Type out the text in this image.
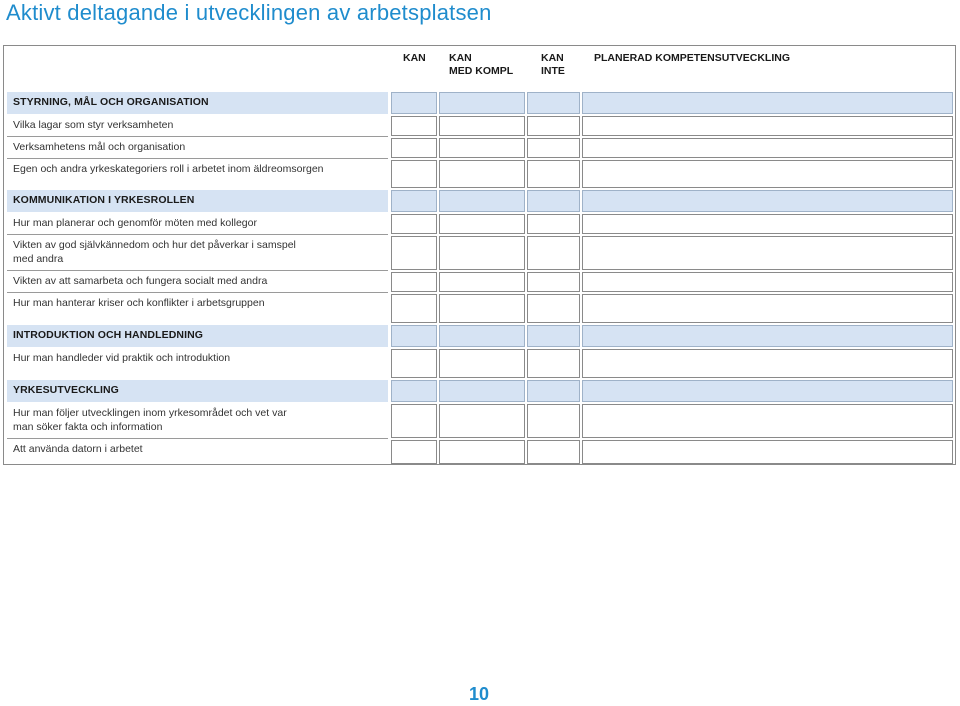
Aktivt deltagande i utvecklingen av arbetsplatsen
KAN KAN
MED KOMPL
KAN
INTE
PLANERAD KOMPETENSUTVECKLING
STYRNING, MÅL OCH ORGANISATION
Vilka lagar som styr verksamheten
Verksamhetens mål och organisation
Egen och andra yrkeskategoriers roll i arbetet inom äldreomsorgen
KOMMUNIKATION I YRKESROLLEN
Hur man planerar och genomför möten med kollegor
Vikten av god självkännedom och hur det påverkar i samspel
med andra
Vikten av att samarbeta och fungera socialt med andra
Hur man hanterar kriser och konflikter i arbetsgruppen
INTRODUKTION OCH HANDLEDNING
Hur man handleder vid praktik och introduktion
YRKESUTVECKLING
Hur man följer utvecklingen inom yrkesområdet och vet var
man söker fakta och information
Att använda datorn i arbetet
10
